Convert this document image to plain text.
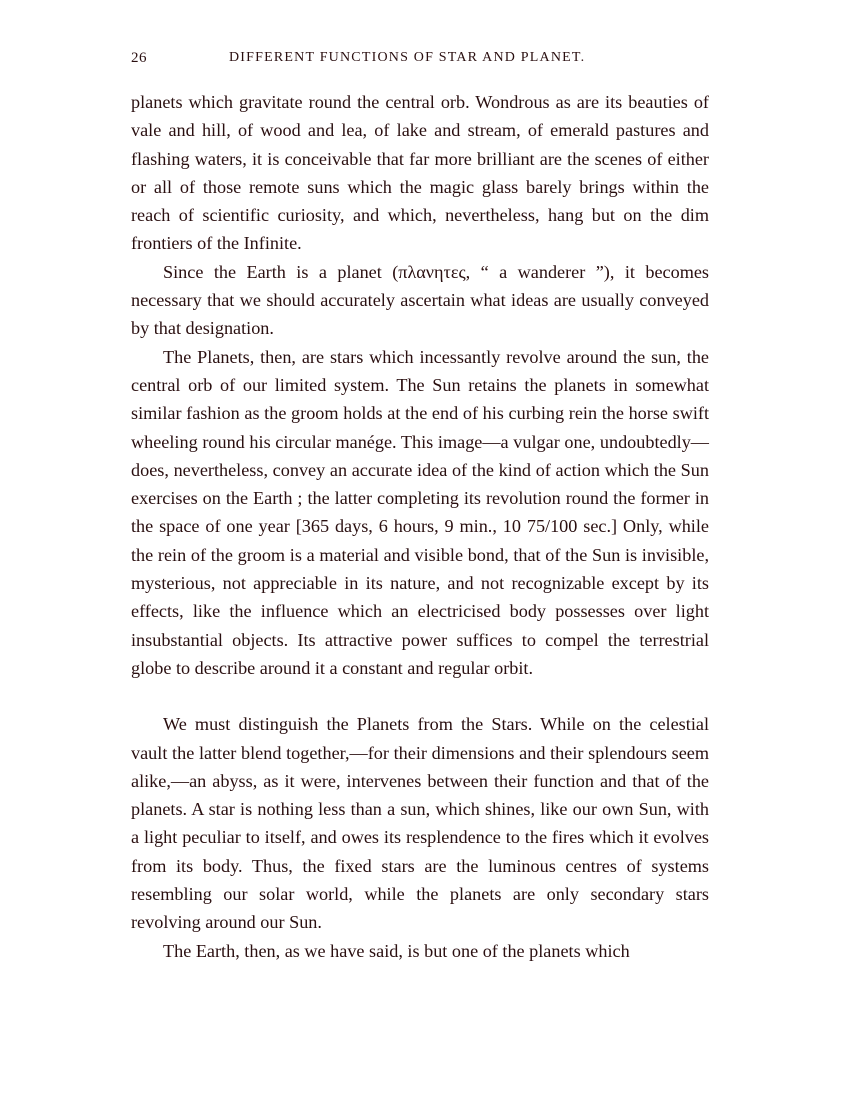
26	DIFFERENT FUNCTIONS OF STAR AND PLANET.

planets which gravitate round the central orb. Wondrous as are its beauties of vale and hill, of wood and lea, of lake and stream, of emerald pastures and flashing waters, it is conceivable that far more brilliant are the scenes of either or all of those remote suns which the magic glass barely brings within the reach of scientific curiosity, and which, nevertheless, hang but on the dim frontiers of the Infinite.

Since the Earth is a planet (πλανητες, “ a wanderer ”), it becomes necessary that we should accurately ascertain what ideas are usually conveyed by that designation.

The Planets, then, are stars which incessantly revolve around the sun, the central orb of our limited system. The Sun retains the planets in somewhat similar fashion as the groom holds at the end of his curbing rein the horse swift wheeling round his circular manége. This image—a vulgar one, undoubtedly—does, nevertheless, convey an accurate idea of the kind of action which the Sun exercises on the Earth ; the latter completing its revolution round the former in the space of one year [365 days, 6 hours, 9 min., 10 75/100 sec.] Only, while the rein of the groom is a material and visible bond, that of the Sun is invisible, mysterious, not appreciable in its nature, and not recognizable except by its effects, like the influence which an electricised body possesses over light insubstantial objects. Its attractive power suffices to compel the terrestrial globe to describe around it a constant and regular orbit.

We must distinguish the Planets from the Stars. While on the celestial vault the latter blend together,—for their dimensions and their splendours seem alike,—an abyss, as it were, intervenes between their function and that of the planets. A star is nothing less than a sun, which shines, like our own Sun, with a light peculiar to itself, and owes its resplendence to the fires which it evolves from its body. Thus, the fixed stars are the luminous centres of systems resembling our solar world, while the planets are only secondary stars revolving around our Sun.

The Earth, then, as we have said, is but one of the planets which
